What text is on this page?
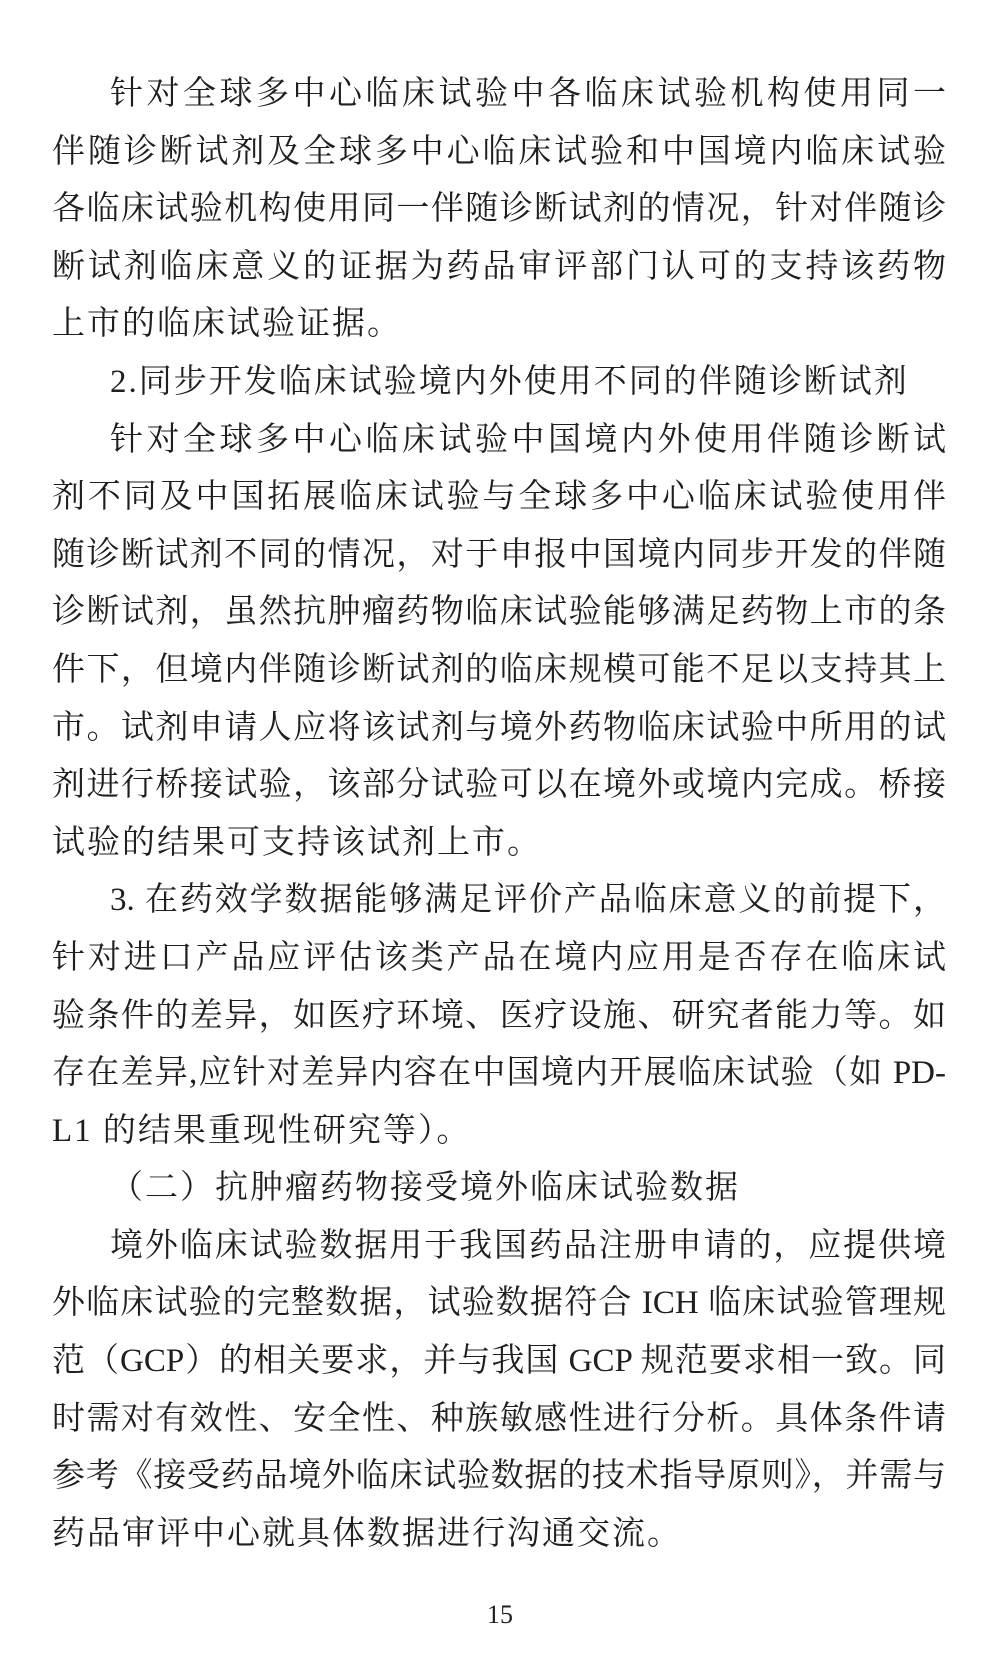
针对全球多中心临床试验中各临床试验机构使用同一
伴随诊断试剂及全球多中心临床试验和中国境内临床试验
各临床试验机构使用同一伴随诊断试剂的情况，针对伴随诊
断试剂临床意义的证据为药品审评部门认可的支持该药物
上市的临床试验证据。
2.同步开发临床试验境内外使用不同的伴随诊断试剂
针对全球多中心临床试验中国境内外使用伴随诊断试
剂不同及中国拓展临床试验与全球多中心临床试验使用伴
随诊断试剂不同的情况，对于申报中国境内同步开发的伴随
诊断试剂，虽然抗肿瘤药物临床试验能够满足药物上市的条
件下，但境内伴随诊断试剂的临床规模可能不足以支持其上
市。试剂申请人应将该试剂与境外药物临床试验中所用的试
剂进行桥接试验，该部分试验可以在境外或境内完成。桥接
试验的结果可支持该试剂上市。
3. 在药效学数据能够满足评价产品临床意义的前提下，
针对进口产品应评估该类产品在境内应用是否存在临床试
验条件的差异，如医疗环境、医疗设施、研究者能力等。如
存在差异,应针对差异内容在中国境内开展临床试验（如 PD-
L1 的结果重现性研究等）。
（二）抗肿瘤药物接受境外临床试验数据
境外临床试验数据用于我国药品注册申请的，应提供境
外临床试验的完整数据，试验数据符合 ICH 临床试验管理规
范（GCP）的相关要求，并与我国 GCP 规范要求相一致。同
时需对有效性、安全性、种族敏感性进行分析。具体条件请
参考《接受药品境外临床试验数据的技术指导原则》，并需与
药品审评中心就具体数据进行沟通交流。
15
